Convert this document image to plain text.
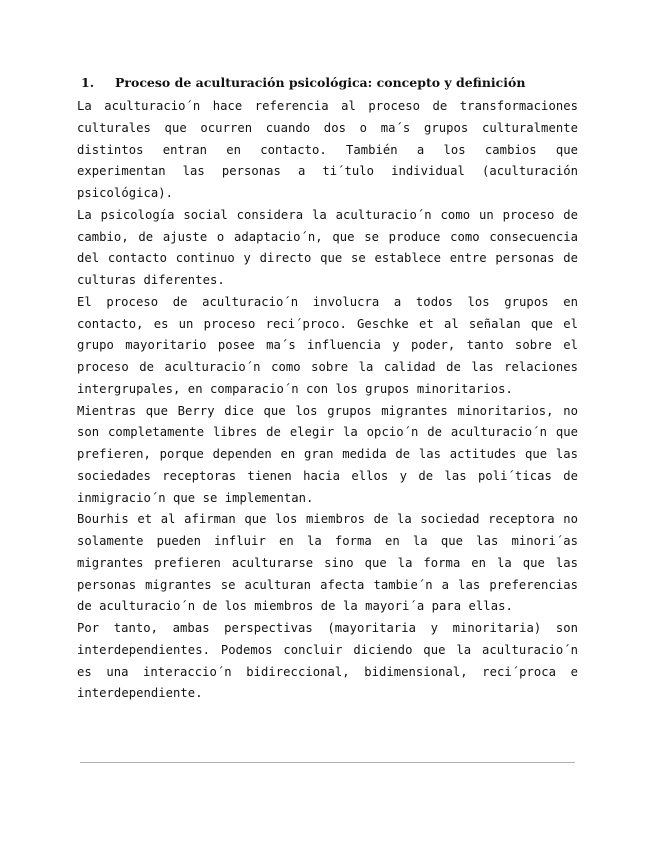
1. Proceso de aculturación psicológica: concepto y definición

La aculturacio´n hace referencia al proceso de transformaciones culturales que ocurren cuando dos o ma´s grupos culturalmente distintos entran en contacto. También a los cambios que experimentan las personas a ti´tulo individual (aculturación psicológica).

La psicología social considera la aculturacio´n como un proceso de cambio, de ajuste o adaptacio´n, que se produce como consecuencia del contacto continuo y directo que se establece entre personas de culturas diferentes.

El proceso de aculturacio´n involucra a todos los grupos en contacto, es un proceso reci´proco. Geschke et al señalan que el grupo mayoritario posee ma´s influencia y poder, tanto sobre el proceso de aculturacio´n como sobre la calidad de las relaciones intergrupales, en comparacio´n con los grupos minoritarios.

Mientras que Berry dice que los grupos migrantes minoritarios, no son completamente libres de elegir la opcio´n de aculturacio´n que prefieren, porque dependen en gran medida de las actitudes que las sociedades receptoras tienen hacia ellos y de las poli´ticas de inmigracio´n que se implementan.

Bourhis et al afirman que los miembros de la sociedad receptora no solamente pueden influir en la forma en la que las minori´as migrantes prefieren aculturarse sino que la forma en la que las personas migrantes se aculturan afecta tambie´n a las preferencias de aculturacio´n de los miembros de la mayori´a para ellas.

Por tanto, ambas perspectivas (mayoritaria y minoritaria) son interdependientes. Podemos concluir diciendo que la aculturacio´n es una interaccio´n bidireccional, bidimensional, reci´proca e interdependiente.
